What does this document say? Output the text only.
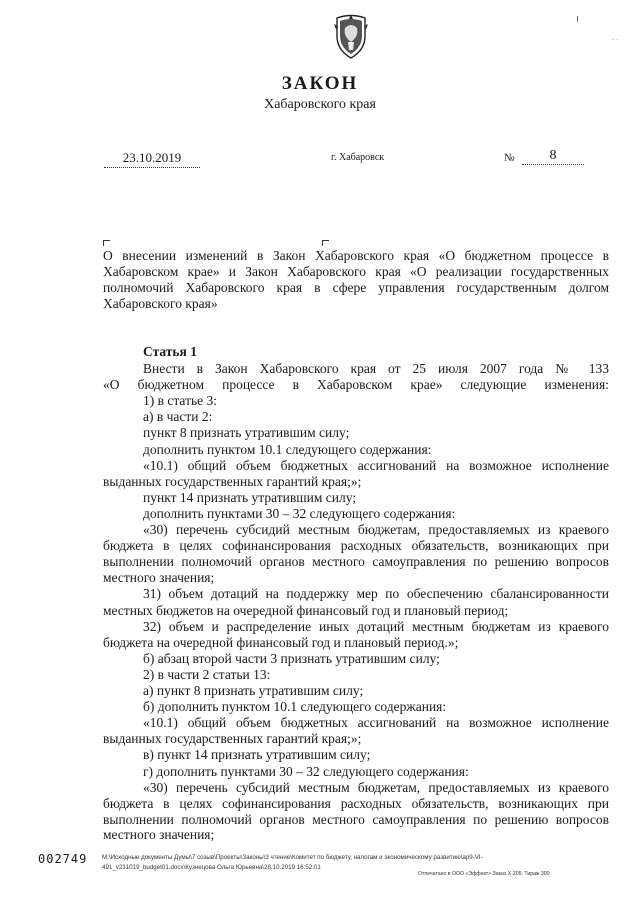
· ·
ЗАКОН
Хабаровского края
23.10.2019	г. Хабаровск	№	8
О внесении изменений в Закон Хабаровского края «О бюджетном процессе в Хабаровском крае» и Закон Хабаровского края «О реализации государственных полномочий Хабаровского края в сфере управления государственным долгом Хабаровского края»
Статья 1
Внести в Закон Хабаровского края от 25 июля 2007 года № 133
«О бюджетном процессе в Хабаровском крае» следующие изменения:
1) в статье 3:
а) в части 2:
пункт 8 признать утратившим силу;
дополнить пунктом 10.1 следующего содержания:
«10.1) общий объем бюджетных ассигнований на возможное исполнение
выданных государственных гарантий края;»;
пункт 14 признать утратившим силу;
дополнить пунктами 30 – 32 следующего содержания:
«30) перечень субсидий местным бюджетам, предоставляемых из краевого
бюджета в целях софинансирования расходных обязательств, возникающих при
выполнении полномочий органов местного самоуправления по решению вопросов
местного значения;
31) объем дотаций на поддержку мер по обеспечению сбалансированности
местных бюджетов на очередной финансовый год и плановый период;
32) объем и распределение иных дотаций местным бюджетам из краевого
бюджета на очередной финансовый год и плановый период.»;
б) абзац второй части 3 признать утратившим силу;
2) в части 2 статьи 13:
а) пункт 8 признать утратившим силу;
б) дополнить пунктом 10.1 следующего содержания:
«10.1) общий объем бюджетных ассигнований на возможное исполнение
выданных государственных гарантий края;»;
в) пункт 14 признать утратившим силу;
г) дополнить пунктами 30 – 32 следующего содержания:
«30) перечень субсидий местным бюджетам, предоставляемых из краевого
бюджета в целях софинансирования расходных обязательств, возникающих при
выполнении полномочий органов местного самоуправления по решению вопросов
местного значения;
002749 M:\Исходные документы Думы\7 созыв\Проекты\Законы\3 чтение\Комитет по бюджету, налогам и экономическому развитию\ap9-VI-
491_v231019_budget01.docx\Кузнецова Ольга Юрьевна\28.10.2019 16:52:01
Отпечатано в ООО «Эффект» Заказ Х-209. Тираж 300
